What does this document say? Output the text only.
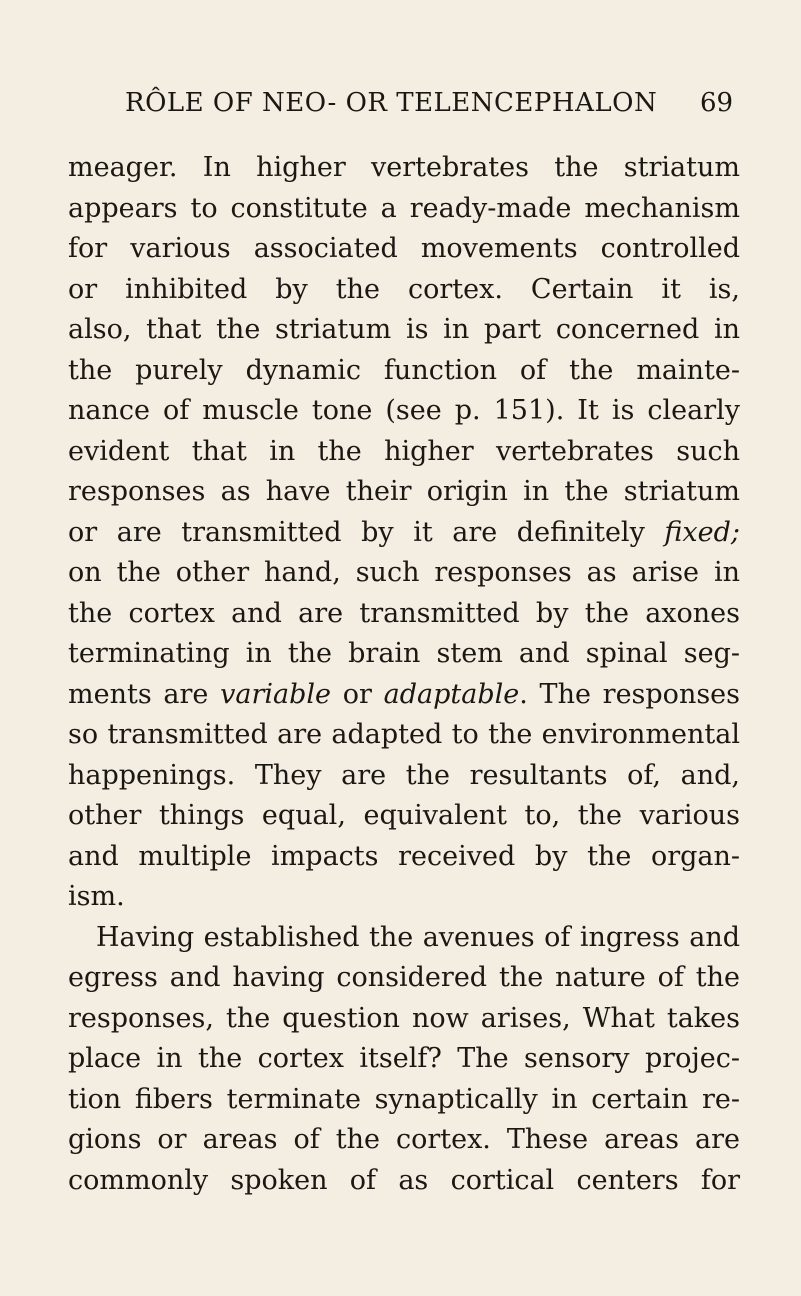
RÔLE OF NEO- OR TELENCEPHALON 69
meager. In higher vertebrates the striatum
appears to constitute a ready-made mechanism
for various associated movements controlled
or inhibited by the cortex. Certain it is,
also, that the striatum is in part concerned in
the purely dynamic function of the mainte-
nance of muscle tone (see p. 151). It is clearly
evident that in the higher vertebrates such
responses as have their origin in the striatum
or are transmitted by it are definitely fixed;
on the other hand, such responses as arise in
the cortex and are transmitted by the axones
terminating in the brain stem and spinal seg-
ments are variable or adaptable. The responses
so transmitted are adapted to the environmental
happenings. They are the resultants of, and,
other things equal, equivalent to, the various
and multiple impacts received by the organ-
ism.
Having established the avenues of ingress and
egress and having considered the nature of the
responses, the question now arises, What takes
place in the cortex itself? The sensory projec-
tion fibers terminate synaptically in certain re-
gions or areas of the cortex. These areas are
commonly spoken of as cortical centers for
